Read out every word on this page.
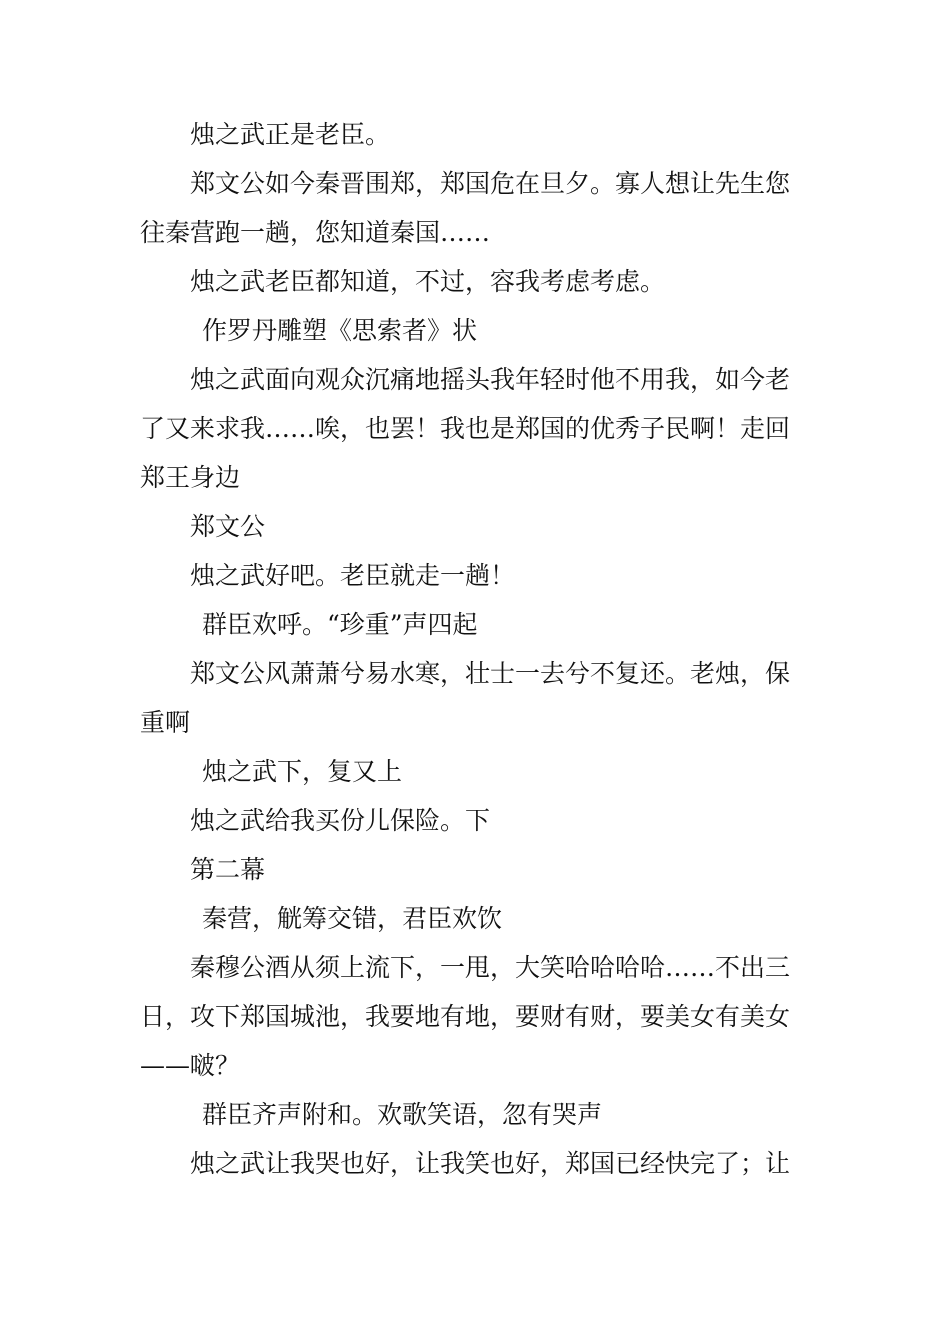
烛之武正是老臣。

郑文公如今秦晋围郑，郑国危在旦夕。寡人想让先生您往秦营跑一趟，您知道秦国……

烛之武老臣都知道，不过，容我考虑考虑。

作罗丹雕塑《思索者》状

烛之武面向观众沉痛地摇头我年轻时他不用我，如今老了又来求我……唉，也罢！我也是郑国的优秀子民啊！走回郑王身边

郑文公

烛之武好吧。老臣就走一趟！

群臣欢呼。“珍重”声四起

郑文公风萧萧兮易水寒，壮士一去兮不复还。老烛，保重啊

烛之武下，复又上

烛之武给我买份儿保险。下

第二幕

秦营，觥筹交错，君臣欢饮

秦穆公酒从须上流下，一甩，大笑哈哈哈哈……不出三日，攻下郑国城池，我要地有地，要财有财，要美女有美女——啵？

群臣齐声附和。欢歌笑语，忽有哭声

烛之武让我哭也好，让我笑也好，郑国已经快完了；让
